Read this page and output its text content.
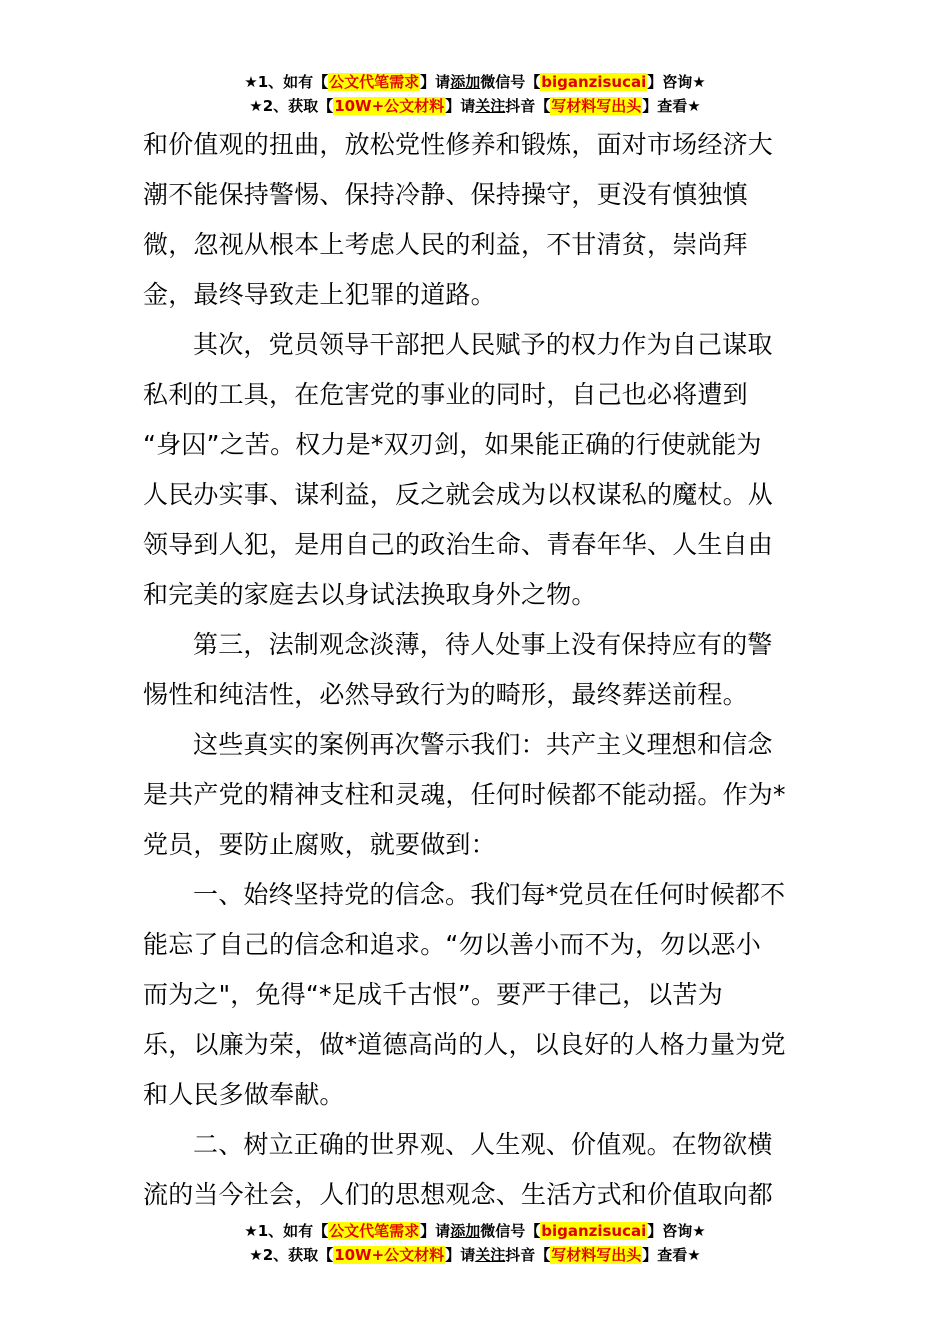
★1、如有【公文代笔需求】请添加微信号【biganzisucai】咨询★
★2、获取【10W+公文材料】请关注抖音【写材料写出头】查看★
和价值观的扭曲，放松党性修养和锻炼，面对市场经济大
潮不能保持警惕、保持冷静、保持操守，更没有慎独慎
微，忽视从根本上考虑人民的利益，不甘清贫，崇尚拜
金，最终导致走上犯罪的道路。
其次，党员领导干部把人民赋予的权力作为自己谋取
私利的工具，在危害党的事业的同时，自己也必将遭到
“身囚”之苦。权力是*双刃剑，如果能正确的行使就能为
人民办实事、谋利益，反之就会成为以权谋私的魔杖。从
领导到人犯，是用自己的政治生命、青春年华、人生自由
和完美的家庭去以身试法换取身外之物。
第三，法制观念淡薄，待人处事上没有保持应有的警
惕性和纯洁性，必然导致行为的畸形，最终葬送前程。
这些真实的案例再次警示我们：共产主义理想和信念
是共产党的精神支柱和灵魂，任何时候都不能动摇。作为*
党员，要防止腐败，就要做到：
一、始终坚持党的信念。我们每*党员在任何时候都不
能忘了自己的信念和追求。“勿以善小而不为，勿以恶小
而为之"，免得“*足成千古恨”。要严于律己，以苦为
乐，以廉为荣，做*道德高尚的人，以良好的人格力量为党
和人民多做奉献。
二、树立正确的世界观、人生观、价值观。在物欲横
流的当今社会，人们的思想观念、生活方式和价值取向都
★1、如有【公文代笔需求】请添加微信号【biganzisucai】咨询★
★2、获取【10W+公文材料】请关注抖音【写材料写出头】查看★
